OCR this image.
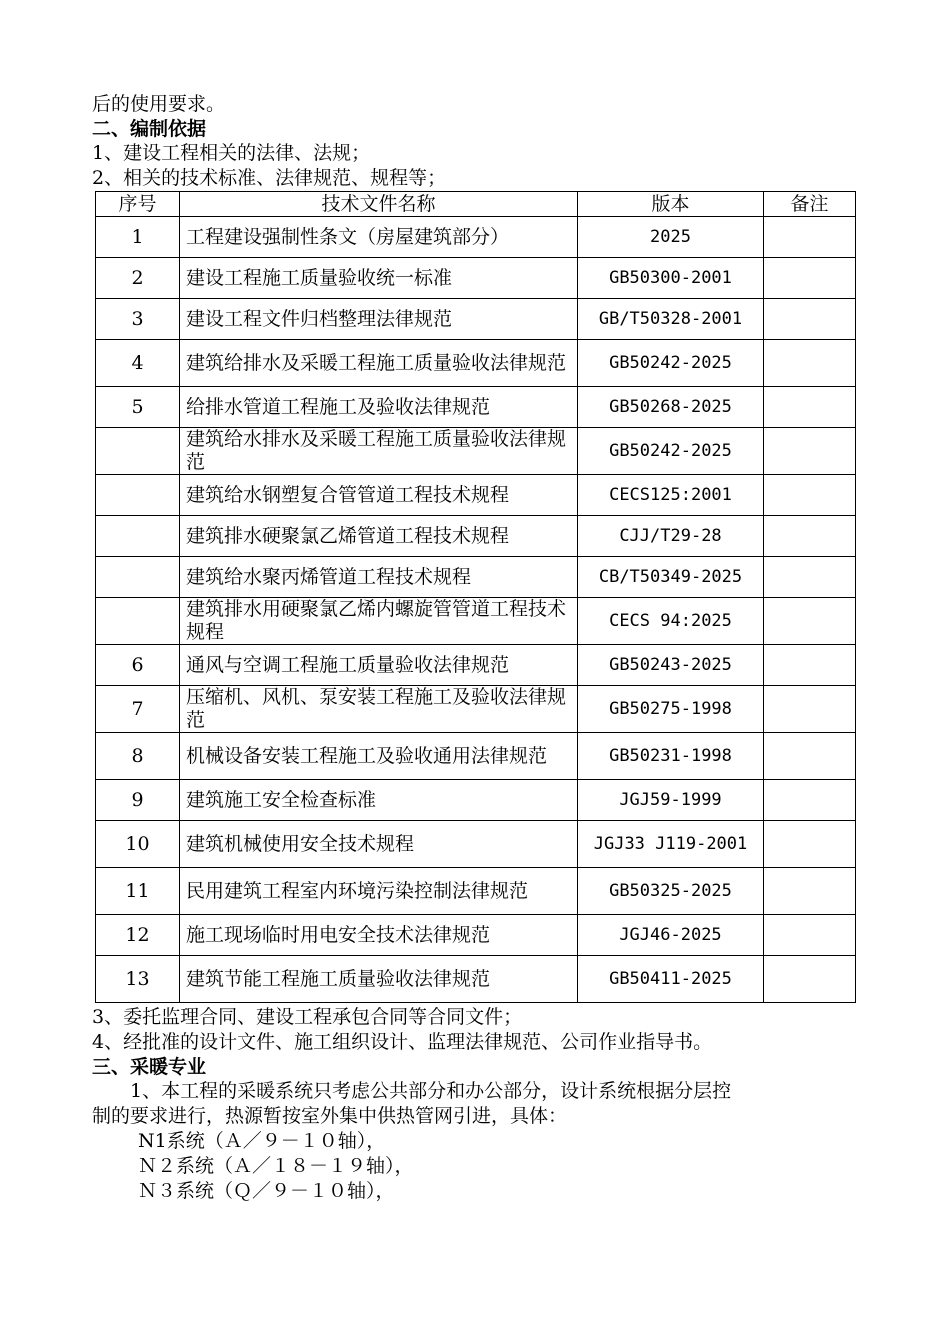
后的使用要求。
二、编制依据
1、建设工程相关的法律、法规；
2、相关的技术标准、法律规范、规程等；
序号	技术文件名称	版本	备注
1	工程建设强制性条文（房屋建筑部分）	2025	
2	建设工程施工质量验收统一标准	GB50300-2001	
3	建设工程文件归档整理法律规范	GB/T50328-2001	
4	建筑给排水及采暖工程施工质量验收法律规范	GB50242-2025	
5	给排水管道工程施工及验收法律规范	GB50268-2025	
	建筑给水排水及采暖工程施工质量验收法律规范	GB50242-2025	
	建筑给水钢塑复合管管道工程技术规程	CECS125:2001	
	建筑排水硬聚氯乙烯管道工程技术规程	CJJ/T29-28	
	建筑给水聚丙烯管道工程技术规程	CB/T50349-2025	
	建筑排水用硬聚氯乙烯内螺旋管管道工程技术规程	CECS 94:2025	
6	通风与空调工程施工质量验收法律规范	GB50243-2025	
7	压缩机、风机、泵安装工程施工及验收法律规范	GB50275-1998	
8	机械设备安装工程施工及验收通用法律规范	GB50231-1998	
9	建筑施工安全检查标准	JGJ59-1999	
10	建筑机械使用安全技术规程	JGJ33 J119-2001	
11	民用建筑工程室内环境污染控制法律规范	GB50325-2025	
12	施工现场临时用电安全技术法律规范	JGJ46-2025	
13	建筑节能工程施工质量验收法律规范	GB50411-2025	
3、委托监理合同、建设工程承包合同等合同文件；
4、经批准的设计文件、施工组织设计、监理法律规范、公司作业指导书。
三、采暖专业
1、本工程的采暖系统只考虑公共部分和办公部分，设计系统根据分层控
制的要求进行，热源暂按室外集中供热管网引进，具体：
N1系统（Ａ／９－１０轴），
Ｎ２系统（Ａ／１８－１９轴），
Ｎ３系统（Ｑ／９－１０轴），
